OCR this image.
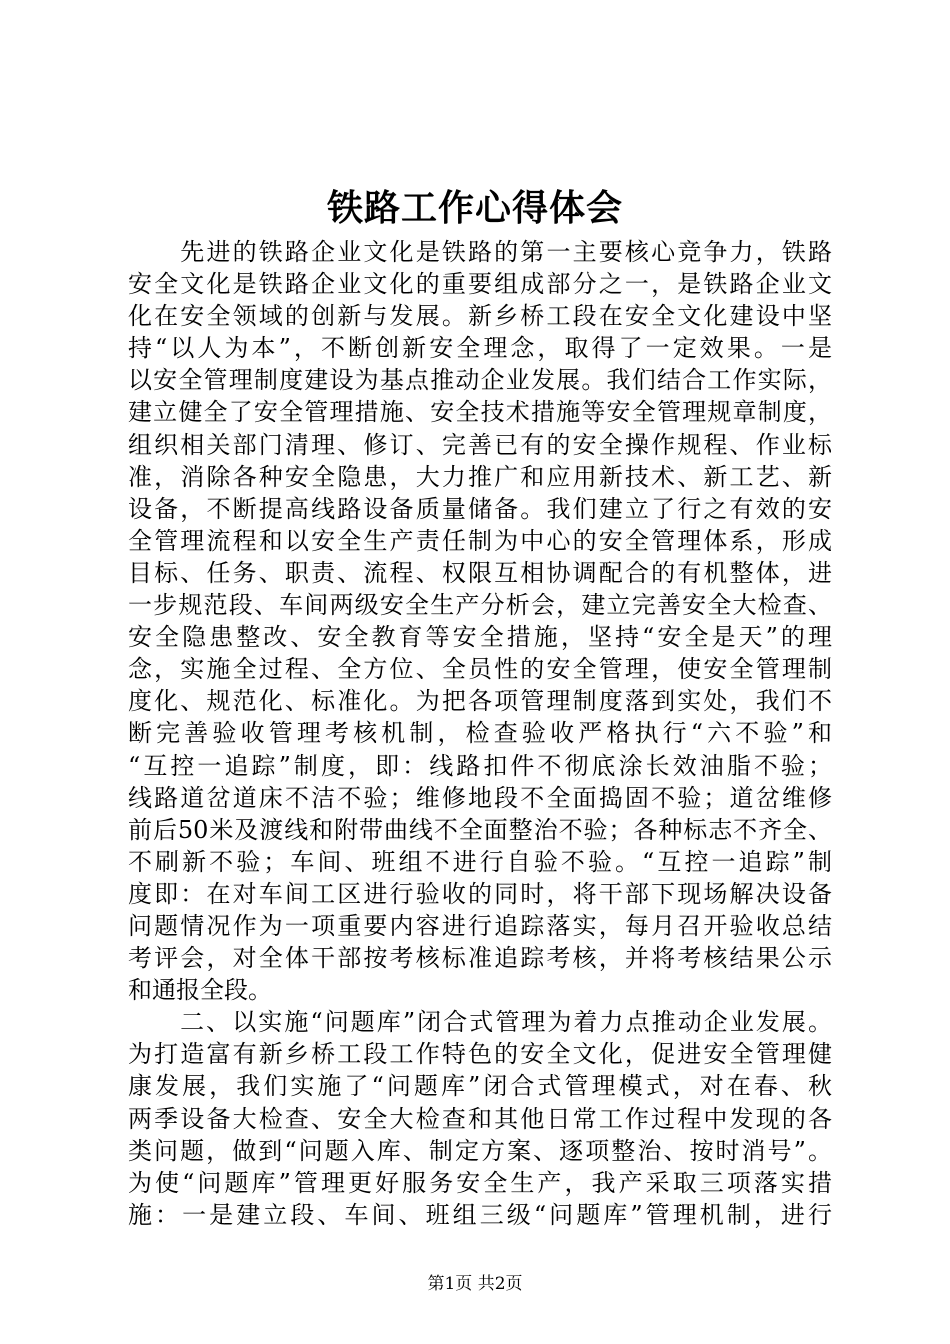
铁路工作心得体会
　　先进的铁路企业文化是铁路的第一主要核心竞争力，铁路
安全文化是铁路企业文化的重要组成部分之一，是铁路企业文
化在安全领域的创新与发展。新乡桥工段在安全文化建设中坚
持“以人为本”，不断创新安全理念，取得了一定效果。一是
以安全管理制度建设为基点推动企业发展。我们结合工作实际，
建立健全了安全管理措施、安全技术措施等安全管理规章制度，
组织相关部门清理、修订、完善已有的安全操作规程、作业标
准，消除各种安全隐患，大力推广和应用新技术、新工艺、新
设备，不断提高线路设备质量储备。我们建立了行之有效的安
全管理流程和以安全生产责任制为中心的安全管理体系，形成
目标、任务、职责、流程、权限互相协调配合的有机整体，进
一步规范段、车间两级安全生产分析会，建立完善安全大检查、
安全隐患整改、安全教育等安全措施，坚持“安全是天”的理
念，实施全过程、全方位、全员性的安全管理，使安全管理制
度化、规范化、标准化。为把各项管理制度落到实处，我们不
断完善验收管理考核机制，检查验收严格执行“六不验”和
“互控一追踪”制度，即：线路扣件不彻底涂长效油脂不验；
线路道岔道床不洁不验；维修地段不全面捣固不验；道岔维修
前后50米及渡线和附带曲线不全面整治不验；各种标志不齐全、
不刷新不验；车间、班组不进行自验不验。“互控一追踪”制
度即：在对车间工区进行验收的同时，将干部下现场解决设备
问题情况作为一项重要内容进行追踪落实，每月召开验收总结
考评会，对全体干部按考核标准追踪考核，并将考核结果公示
和通报全段。
　　二、以实施“问题库”闭合式管理为着力点推动企业发展。
为打造富有新乡桥工段工作特色的安全文化，促进安全管理健
康发展，我们实施了“问题库”闭合式管理模式，对在春、秋
两季设备大检查、安全大检查和其他日常工作过程中发现的各
类问题，做到“问题入库、制定方案、逐项整治、按时消号”。
为使“问题库”管理更好服务安全生产，我产采取三项落实措
施：一是建立段、车间、班组三级“问题库”管理机制，进行
第1页 共2页
